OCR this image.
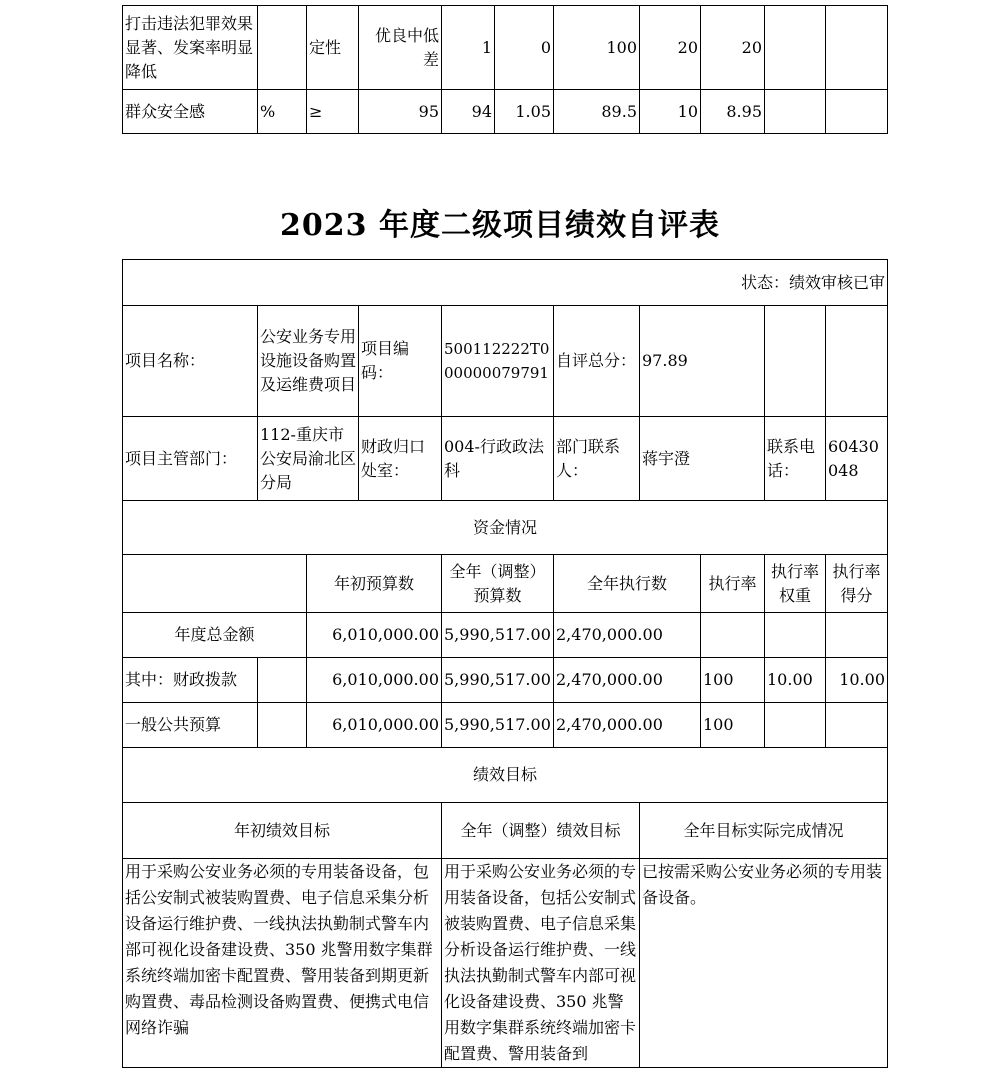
打击违法犯罪效果显著、发案率明显降低		定性	优良中低差	1	0	100	20	20		
群众安全感	%	≥	95	94	1.05	89.5	10	8.95		
2023 年度二级项目绩效自评表
状态：绩效审核已审									
项目名称：	公安业务专用设施设备购置及运维费项目		项目编码：	500112222T000000079791	自评总分：	97.89			
项目主管部门：	112-重庆市公安局渝北区分局		财政归口处室：	004-行政政法科	部门联系人：	蒋宇澄		联系电话：	60430048
资金情况									
		年初预算数		全年（调整）预算数	全年执行数		执行率	执行率权重	执行率得分
年度总金额		6,010,000.00		5,990,517.00	2,470,000.00				
其中：财政拨款		6,010,000.00		5,990,517.00	2,470,000.00		100	10.00	10.00
一般公共预算		6,010,000.00		5,990,517.00	2,470,000.00		100		
绩效目标									
年初绩效目标				全年（调整）绩效目标		全年目标实际完成情况			
用于采购公安业务必须的专用装备设备，包括公安制式被装购置费、电子信息采集分析设备运行维护费、一线执法执勤制式警车内部可视化设备建设费、350 兆警用数字集群系统终端加密卡配置费、警用装备到期更新购置费、毒品检测设备购置费、便携式电信网络诈骗				用于采购公安业务必须的专用装备设备，包括公安制式被装购置费、电子信息采集分析设备运行维护费、一线执法执勤制式警车内部可视化设备建设费、350 兆警用数字集群系统终端加密卡配置费、警用装备到		已按需采购公安业务必须的专用装备设备。			
